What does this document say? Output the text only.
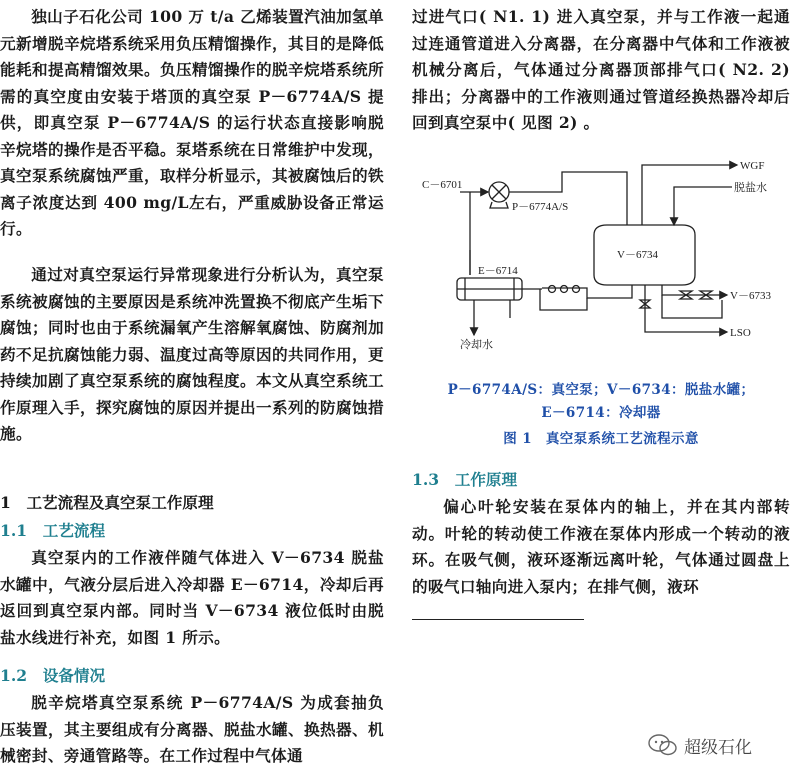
独山子石化公司 100 万 t/a 乙烯装置汽油加氢单元新增脱辛烷塔系统采用负压精馏操作，其目的是降低能耗和提高精馏效果。负压精馏操作的脱辛烷塔系统所需的真空度由安装于塔顶的真空泵 P－6774A/S 提供，即真空泵 P－6774A/S 的运行状态直接影响脱辛烷塔的操作是否平稳。泵塔系统在日常维护中发现，真空泵系统腐蚀严重，取样分析显示，其被腐蚀后的铁离子浓度达到 400 mg/L左右，严重威胁设备正常运行。

通过对真空泵运行异常现象进行分析认为，真空泵系统被腐蚀的主要原因是系统冲洗置换不彻底产生垢下腐蚀；同时也由于系统漏氧产生溶解氧腐蚀、防腐剂加药不足抗腐蚀能力弱、温度过高等原因的共同作用，更持续加剧了真空泵系统的腐蚀程度。本文从真空系统工作原理入手，探究腐蚀的原因并提出一系列的防腐蚀措施。

1　工艺流程及真空泵工作原理
1.1　工艺流程

真空泵内的工作液伴随气体进入 V－6734 脱盐水罐中，气液分层后进入冷却器 E－6714，冷却后再返回到真空泵内部。同时当 V－6734 液位低时由脱盐水线进行补充，如图 1 所示。

1.2　设备情况

脱辛烷塔真空泵系统 P－6774A/S 为成套抽负压装置，其主要组成有分离器、脱盐水罐、换热器、机械密封、旁通管路等。在工作过程中气体通

过进气口( N1. 1) 进入真空泵，并与工作液一起通过连通管道进入分离器，在分离器中气体和工作液被机械分离后，气体通过分离器顶部排气口( N2. 2) 排出；分离器中的工作液则通过管道经换热器冷却后回到真空泵中( 见图 2) 。

C－6701
P－6774A/S
WGF
脱盐水
V－6734
E－6714
V－6733
LSO
冷却水
P－6774A/S：真空泵；V－6734：脱盐水罐；
E－6714：冷却器
图 1　真空泵系统工艺流程示意
1.3　工作原理

偏心叶轮安装在泵体内的轴上，并在其内部转动。叶轮的转动使工作液在泵体内形成一个转动的液环。在吸气侧，液环逐渐远离叶轮，气体通过圆盘上的吸气口轴向进入泵内；在排气侧，液环

超级石化
